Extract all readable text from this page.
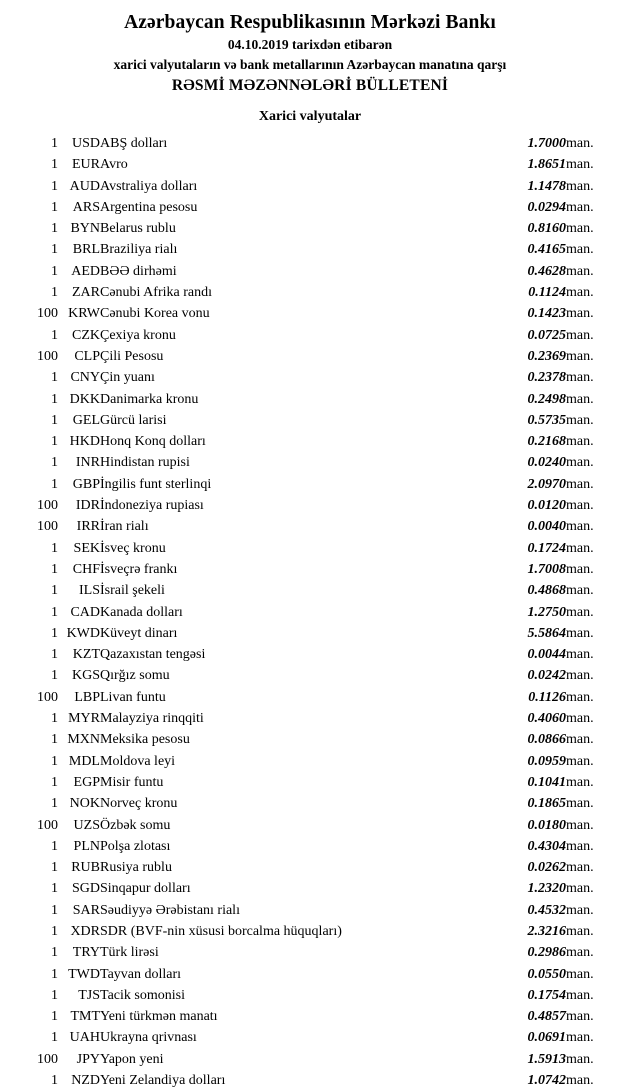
Azərbaycan Respublikasının Mərkəzi Bankı
04.10.2019 tarixdən etibarən
xarici valyutaların və bank metallarının Azərbaycan manatına qarşı
RƏSMİ MƏZƏNNƏLƏRİ BÜLLETENİ
Xarici valyutalar
1	USD	ABŞ dolları	1.7000	man.
1	EUR	Avro	1.8651	man.
1	AUD	Avstraliya dolları	1.1478	man.
1	ARS	Argentina pesosu	0.0294	man.
1	BYN	Belarus rublu	0.8160	man.
1	BRL	Braziliya rialı	0.4165	man.
1	AED	BƏƏ dirhəmi	0.4628	man.
1	ZAR	Cənubi Afrika randı	0.1124	man.
100	KRW	Cənubi Korea vonu	0.1423	man.
1	CZK	Çexiya kronu	0.0725	man.
100	CLP	Çili Pesosu	0.2369	man.
1	CNY	Çin yuanı	0.2378	man.
1	DKK	Danimarka kronu	0.2498	man.
1	GEL	Gürcü larisi	0.5735	man.
1	HKD	Honq Konq dolları	0.2168	man.
1	INR	Hindistan rupisi	0.0240	man.
1	GBP	İngilis funt sterlinqi	2.0970	man.
100	IDR	İndoneziya rupiası	0.0120	man.
100	IRR	İran rialı	0.0040	man.
1	SEK	İsveç kronu	0.1724	man.
1	CHF	İsveçrə frankı	1.7008	man.
1	ILS	İsrail şekeli	0.4868	man.
1	CAD	Kanada dolları	1.2750	man.
1	KWD	Küveyt dinarı	5.5864	man.
1	KZT	Qazaxıstan tengəsi	0.0044	man.
1	KGS	Qırğız somu	0.0242	man.
100	LBP	Livan funtu	0.1126	man.
1	MYR	Malayziya rinqqiti	0.4060	man.
1	MXN	Meksika pesosu	0.0866	man.
1	MDL	Moldova leyi	0.0959	man.
1	EGP	Misir funtu	0.1041	man.
1	NOK	Norveç kronu	0.1865	man.
100	UZS	Özbək somu	0.0180	man.
1	PLN	Polşa zlotası	0.4304	man.
1	RUB	Rusiya rublu	0.0262	man.
1	SGD	Sinqapur dolları	1.2320	man.
1	SAR	Səudiyyə Ərəbistanı rialı	0.4532	man.
1	XDR	SDR (BVF-nin xüsusi borcalma hüquqları)	2.3216	man.
1	TRY	Türk lirəsi	0.2986	man.
1	TWD	Tayvan dolları	0.0550	man.
1	TJS	Tacik somonisi	0.1754	man.
1	TMT	Yeni türkmən manatı	0.4857	man.
1	UAH	Ukrayna qrivnası	0.0691	man.
100	JPY	Yapon yeni	1.5913	man.
1	NZD	Yeni Zelandiya dolları	1.0742	man.
